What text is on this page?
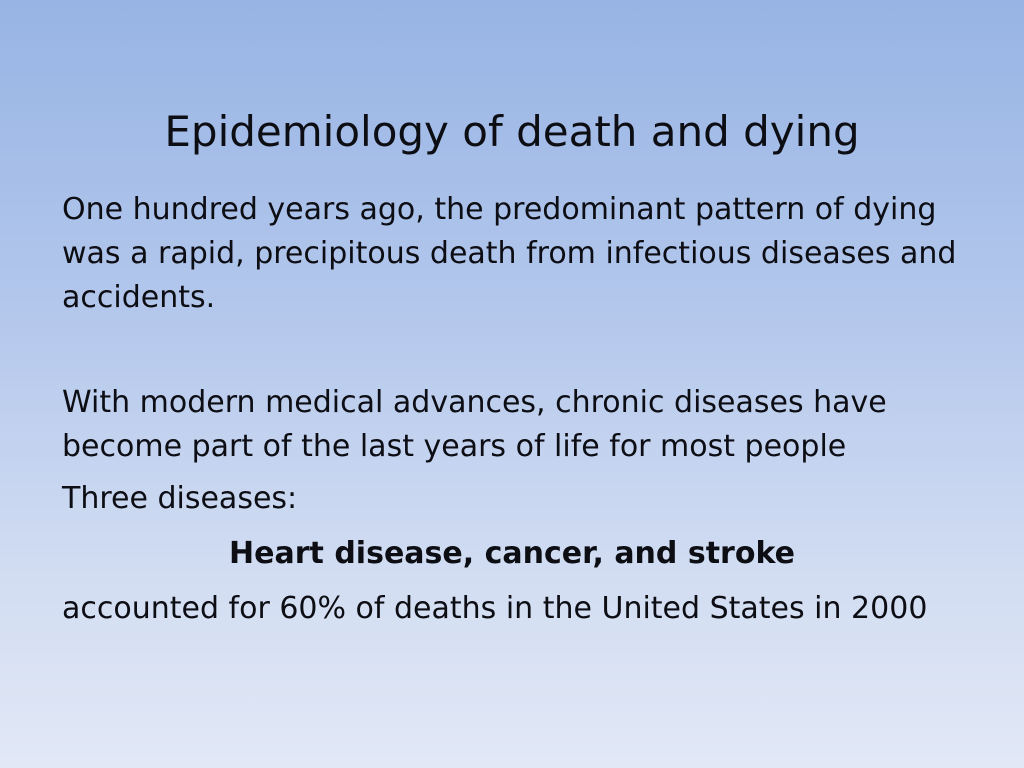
Epidemiology of death and dying

One hundred years ago, the predominant pattern of dying was a rapid, precipitous death from infectious diseases and accidents.

With modern medical advances, chronic diseases have become part of the last years of life for most people

Three diseases:

Heart disease, cancer, and stroke

accounted for 60% of deaths in the United States in 2000
